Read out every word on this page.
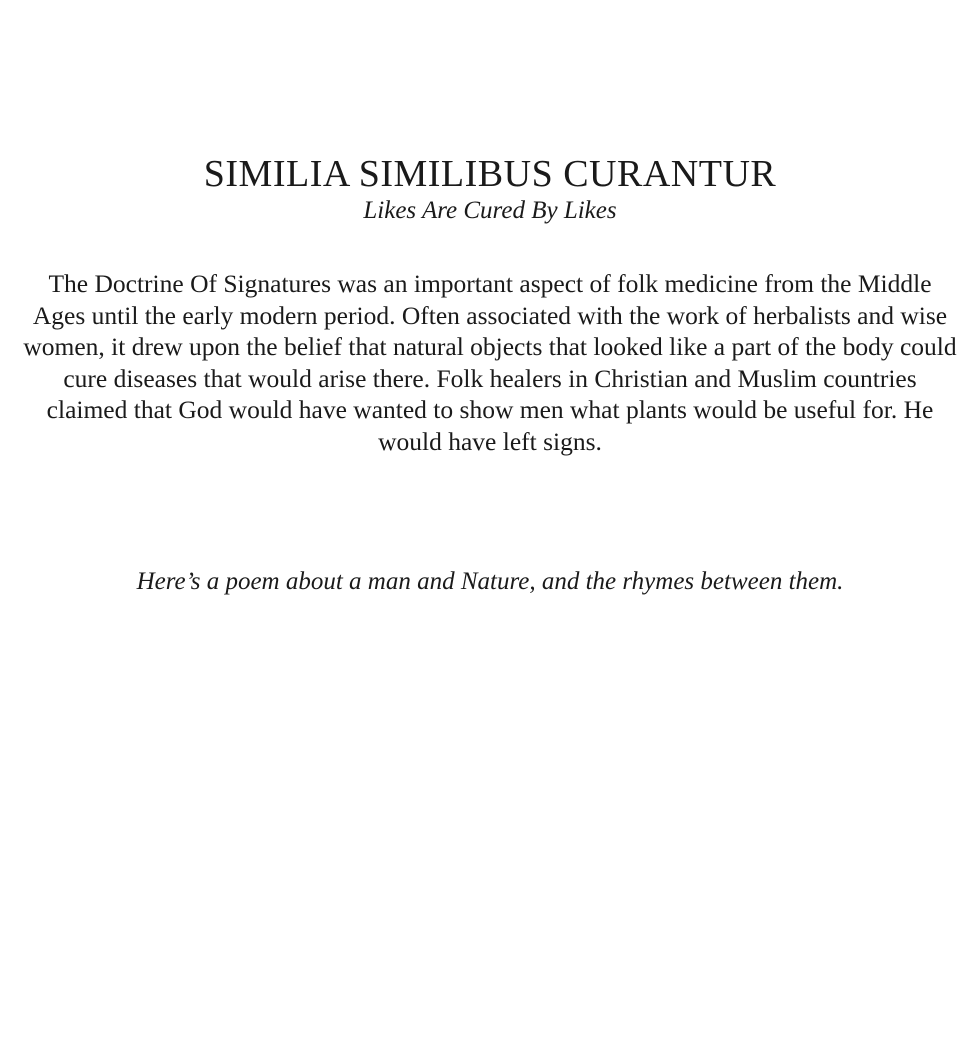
SIMILIA SIMILIBUS CURANTUR

Likes Are Cured By Likes

The Doctrine Of Signatures was an important aspect of folk medicine from the Middle Ages until the early modern period. Often associated with the work of herbalists and wise women, it drew upon the belief that natural objects that looked like a part of the body could cure diseases that would arise there. Folk healers in Christian and Muslim countries claimed that God would have wanted to show men what plants would be useful for. He would have left signs.

Here’s a poem about a man and Nature, and the rhymes between them.
